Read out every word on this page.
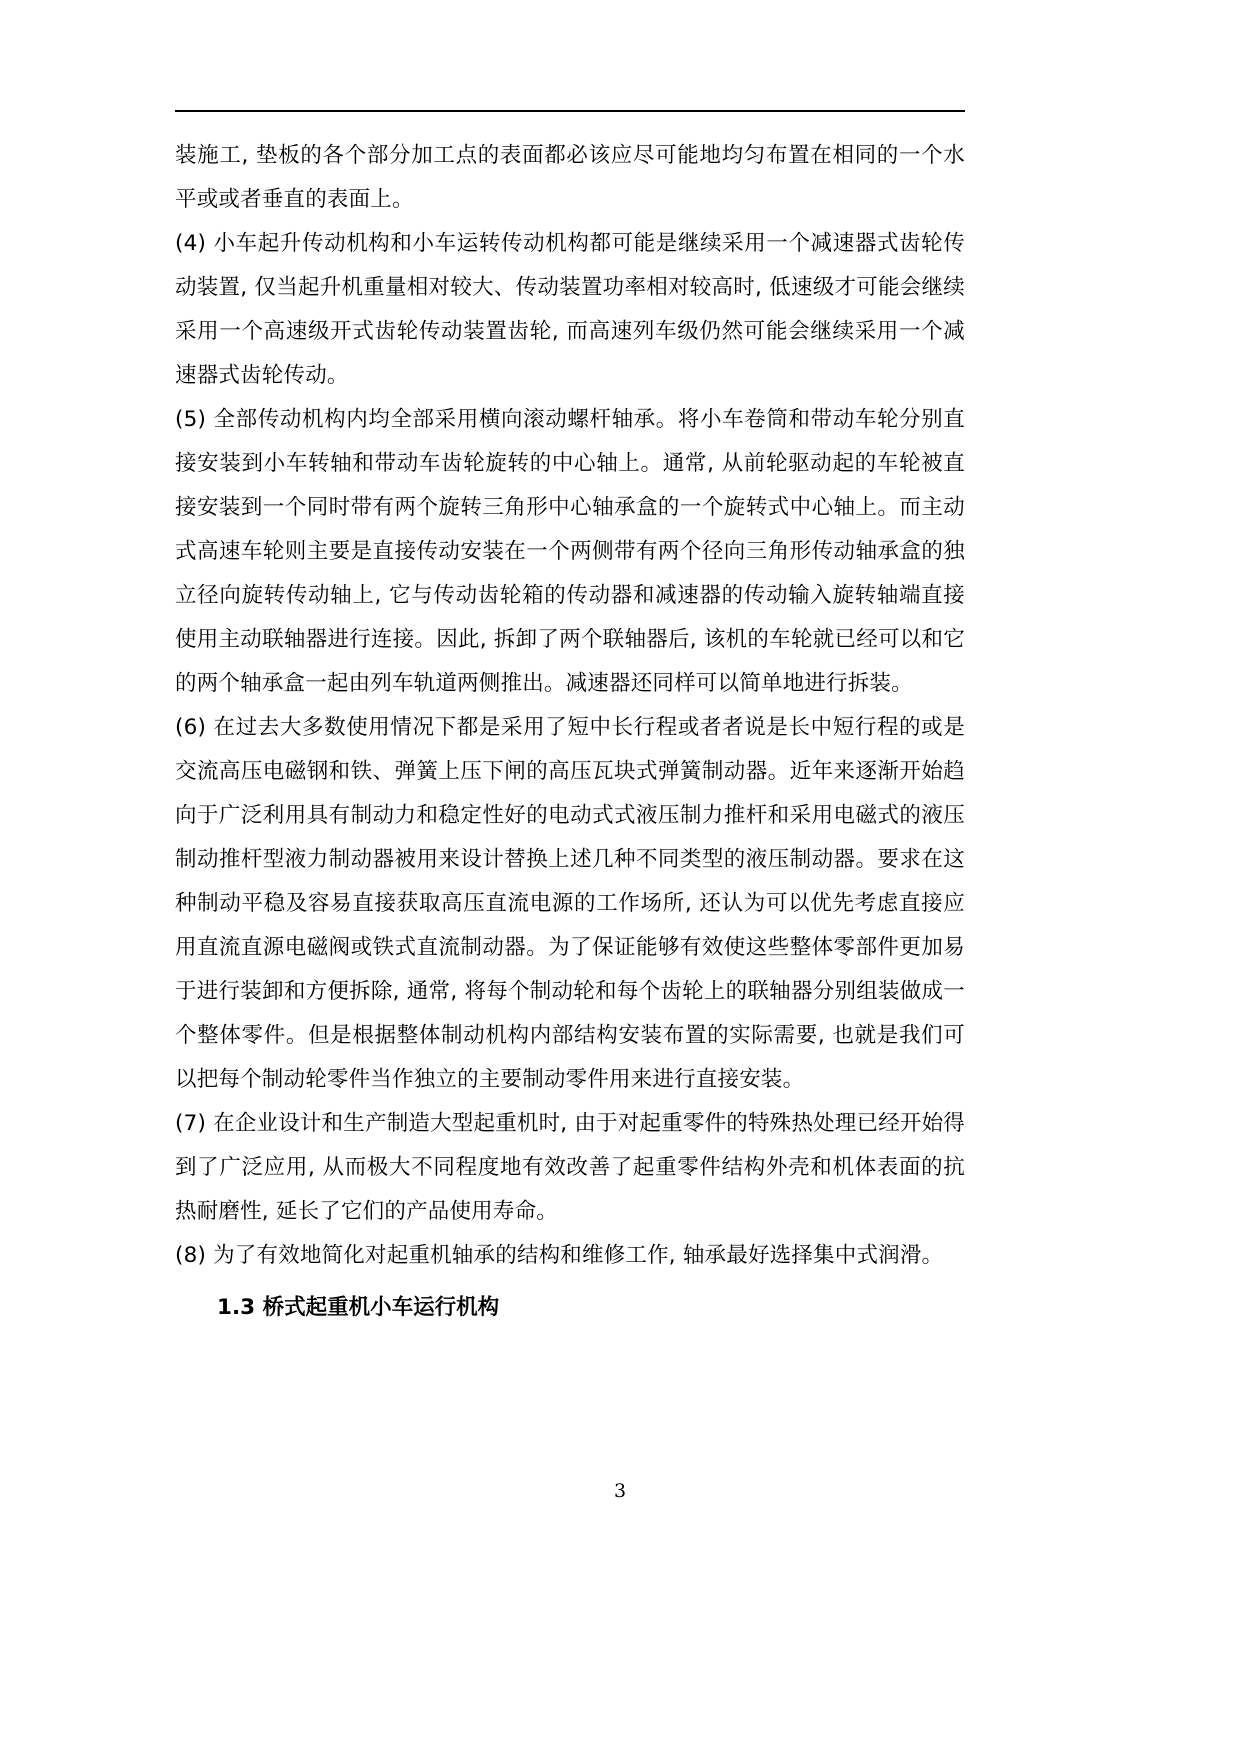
装施工, 垫板的各个部分加工点的表面都必该应尽可能地均匀布置在相同的一个水平或或者垂直的表面上。

(4) 小车起升传动机构和小车运转传动机构都可能是继续采用一个减速器式齿轮传动装置, 仅当起升机重量相对较大、传动装置功率相对较高时, 低速级才可能会继续采用一个高速级开式齿轮传动装置齿轮, 而高速列车级仍然可能会继续采用一个减速器式齿轮传动。

(5) 全部传动机构内均全部采用横向滚动螺杆轴承。将小车卷筒和带动车轮分别直接安装到小车转轴和带动车齿轮旋转的中心轴上。通常, 从前轮驱动起的车轮被直接安装到一个同时带有两个旋转三角形中心轴承盒的一个旋转式中心轴上。而主动式高速车轮则主要是直接传动安装在一个两侧带有两个径向三角形传动轴承盒的独立径向旋转传动轴上, 它与传动齿轮箱的传动器和减速器的传动输入旋转轴端直接使用主动联轴器进行连接。因此, 拆卸了两个联轴器后, 该机的车轮就已经可以和它的两个轴承盒一起由列车轨道两侧推出。减速器还同样可以简单地进行拆装。

(6) 在过去大多数使用情况下都是采用了短中长行程或者者说是长中短行程的或是交流高压电磁钢和铁、弹簧上压下闸的高压瓦块式弹簧制动器。近年来逐渐开始趋向于广泛利用具有制动力和稳定性好的电动式式液压制力推杆和采用电磁式的液压制动推杆型液力制动器被用来设计替换上述几种不同类型的液压制动器。要求在这种制动平稳及容易直接获取高压直流电源的工作场所, 还认为可以优先考虑直接应用直流直源电磁阀或铁式直流制动器。为了保证能够有效使这些整体零部件更加易于进行装卸和方便拆除, 通常, 将每个制动轮和每个齿轮上的联轴器分别组装做成一个整体零件。但是根据整体制动机构内部结构安装布置的实际需要, 也就是我们可以把每个制动轮零件当作独立的主要制动零件用来进行直接安装。

(7) 在企业设计和生产制造大型起重机时, 由于对起重零件的特殊热处理已经开始得到了广泛应用, 从而极大不同程度地有效改善了起重零件结构外壳和机体表面的抗热耐磨性, 延长了它们的产品使用寿命。

(8) 为了有效地简化对起重机轴承的结构和维修工作, 轴承最好选择集中式润滑。

1.3 桥式起重机小车运行机构
3
